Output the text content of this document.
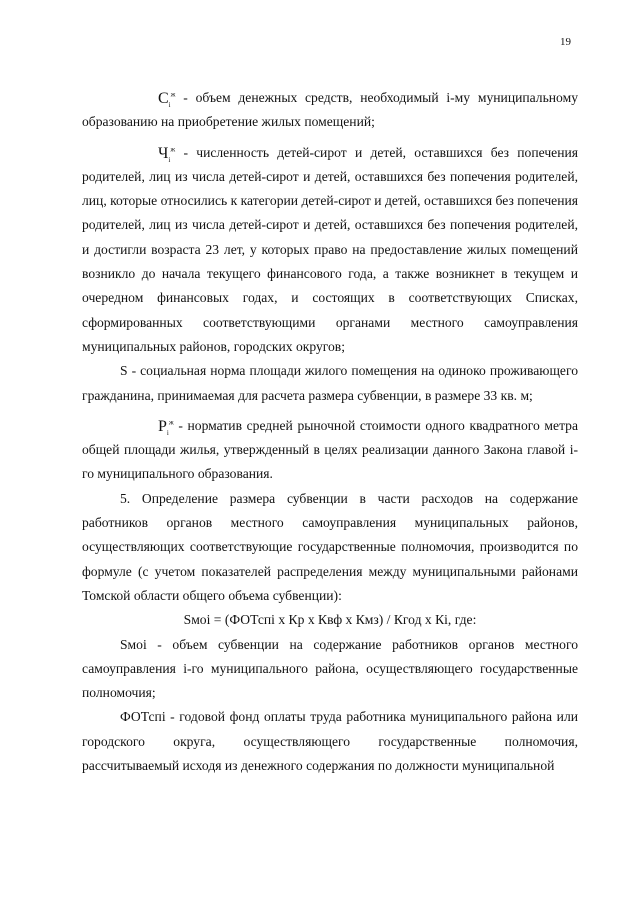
19

$C_i^ж$ - объем денежных средств, необходимый i-му муниципальному образованию на приобретение жилых помещений;

$Ч_i^ж$ - численность детей-сирот и детей, оставшихся без попечения родителей, лиц из числа детей-сирот и детей, оставшихся без попечения родителей, лиц, которые относились к категории детей-сирот и детей, оставшихся без попечения родителей, лиц из числа детей-сирот и детей, оставшихся без попечения родителей, и достигли возраста 23 лет, у которых право на предоставление жилых помещений возникло до начала текущего финансового года, а также возникнет в текущем и очередном финансовых годах, и состоящих в соответствующих Списках, сформированных соответствующими органами местного самоуправления муниципальных районов, городских округов;

S - социальная норма площади жилого помещения на одиноко проживающего гражданина, принимаемая для расчета размера субвенции, в размере 33 кв. м;

$P_i^ж$ - норматив средней рыночной стоимости одного квадратного метра общей площади жилья, утвержденный в целях реализации данного Закона главой i-го муниципального образования.

5. Определение размера субвенции в части расходов на содержание работников органов местного самоуправления муниципальных районов, осуществляющих соответствующие государственные полномочия, производится по формуле (с учетом показателей распределения между муниципальными районами Томской области общего объема субвенции):

Sмоi = (ФОТспi x Кр x Квф x Кмз) / Кгод x Кi, где:

Sмоi - объем субвенции на содержание работников органов местного самоуправления i-го муниципального района, осуществляющего государственные полномочия;

ФОТспi - годовой фонд оплаты труда работника муниципального района или городского округа, осуществляющего государственные полномочия, рассчитываемый исходя из денежного содержания по должности муниципальной
